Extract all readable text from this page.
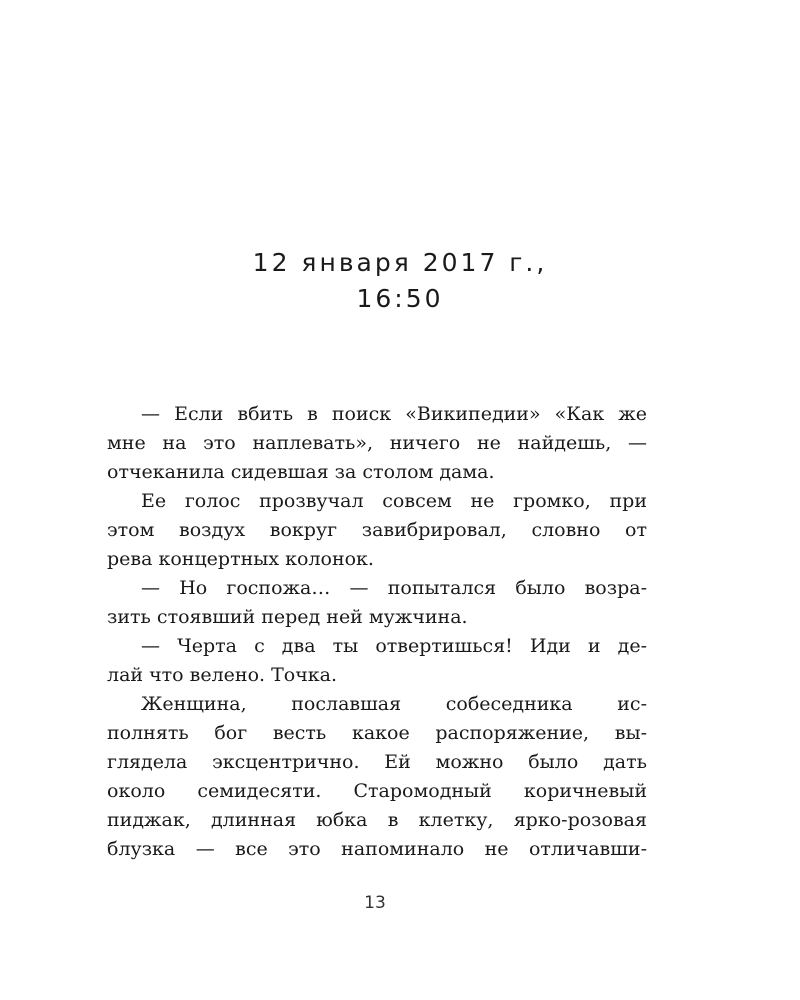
12 января 2017 г.,
16:50

— Если вбить в поиск «Википедии» «Как же
мне на это наплевать», ничего не найдешь, —
отчеканила сидевшая за столом дама.

Ее голос прозвучал совсем не громко, при
этом воздух вокруг завибрировал, словно от
рева концертных колонок.

— Но госпожа… — попытался было возра-
зить стоявший перед ней мужчина.

— Черта с два ты отвертишься! Иди и де-
лай что велено. Точка.

Женщина, пославшая собеседника ис-
полнять бог весть какое распоряжение, вы-
глядела эксцентрично. Ей можно было дать
около семидесяти. Старомодный коричневый
пиджак, длинная юбка в клетку, ярко-розовая
блузка — все это напоминало не отличавши-

13
